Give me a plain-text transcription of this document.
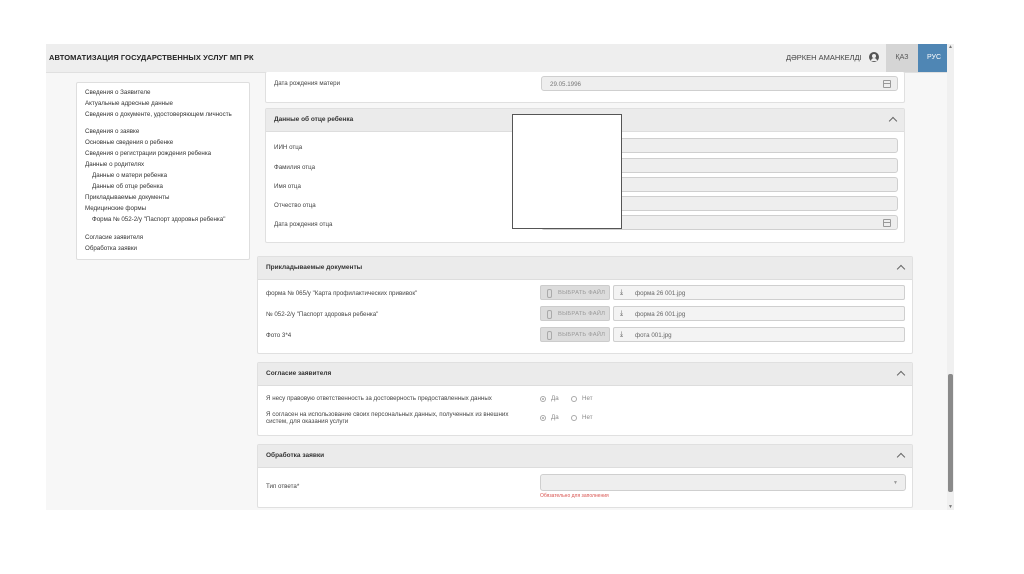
АВТОМАТИЗАЦИЯ ГОСУДАРСТВЕННЫХ УСЛУГ МП РК	ДӘРКЕН АМАНКЕЛДІ	ҚАЗ	РУС
Сведения о Заявителе
Актуальные адресные данные
Сведения о документе, удостоверяющем личность
Сведения о заявке
Основные сведения о ребенке
Сведения о регистрации рождения ребенка
Данные о родителях
Данные о матери ребенка
Данные об отце ребенка
Прикладываемые документы
Медицинские формы
Форма № 052-2/у "Паспорт здоровья ребенка"
Согласие заявителя
Обработка заявки
Дата рождения матери	29.05.1996
Данные об отце ребенка
ИИН отца
Фамилия отца
Имя отца
Отчество отца
Дата рождения отца
Прикладываемые документы
форма № 065/у "Карта профилактических прививок"	ВЫБРАТЬ ФАЙЛ ⤓ форма 26 001.jpg
№ 052-2/у "Паспорт здоровья ребенка"	ВЫБРАТЬ ФАЙЛ ⤓ форма 26 001.jpg
Фото 3*4	ВЫБРАТЬ ФАЙЛ ⤓ фота 001.jpg
Согласие заявителя
Я несу правовую ответственность за достоверность предоставленных данных	Да	Нет
Я согласен на использование своих персональных данных, полученных из внешних систем, для оказания услуги
Да	Нет
Обработка заявки
Тип ответа*	▼
Обязательно для заполнения
▲
▼
